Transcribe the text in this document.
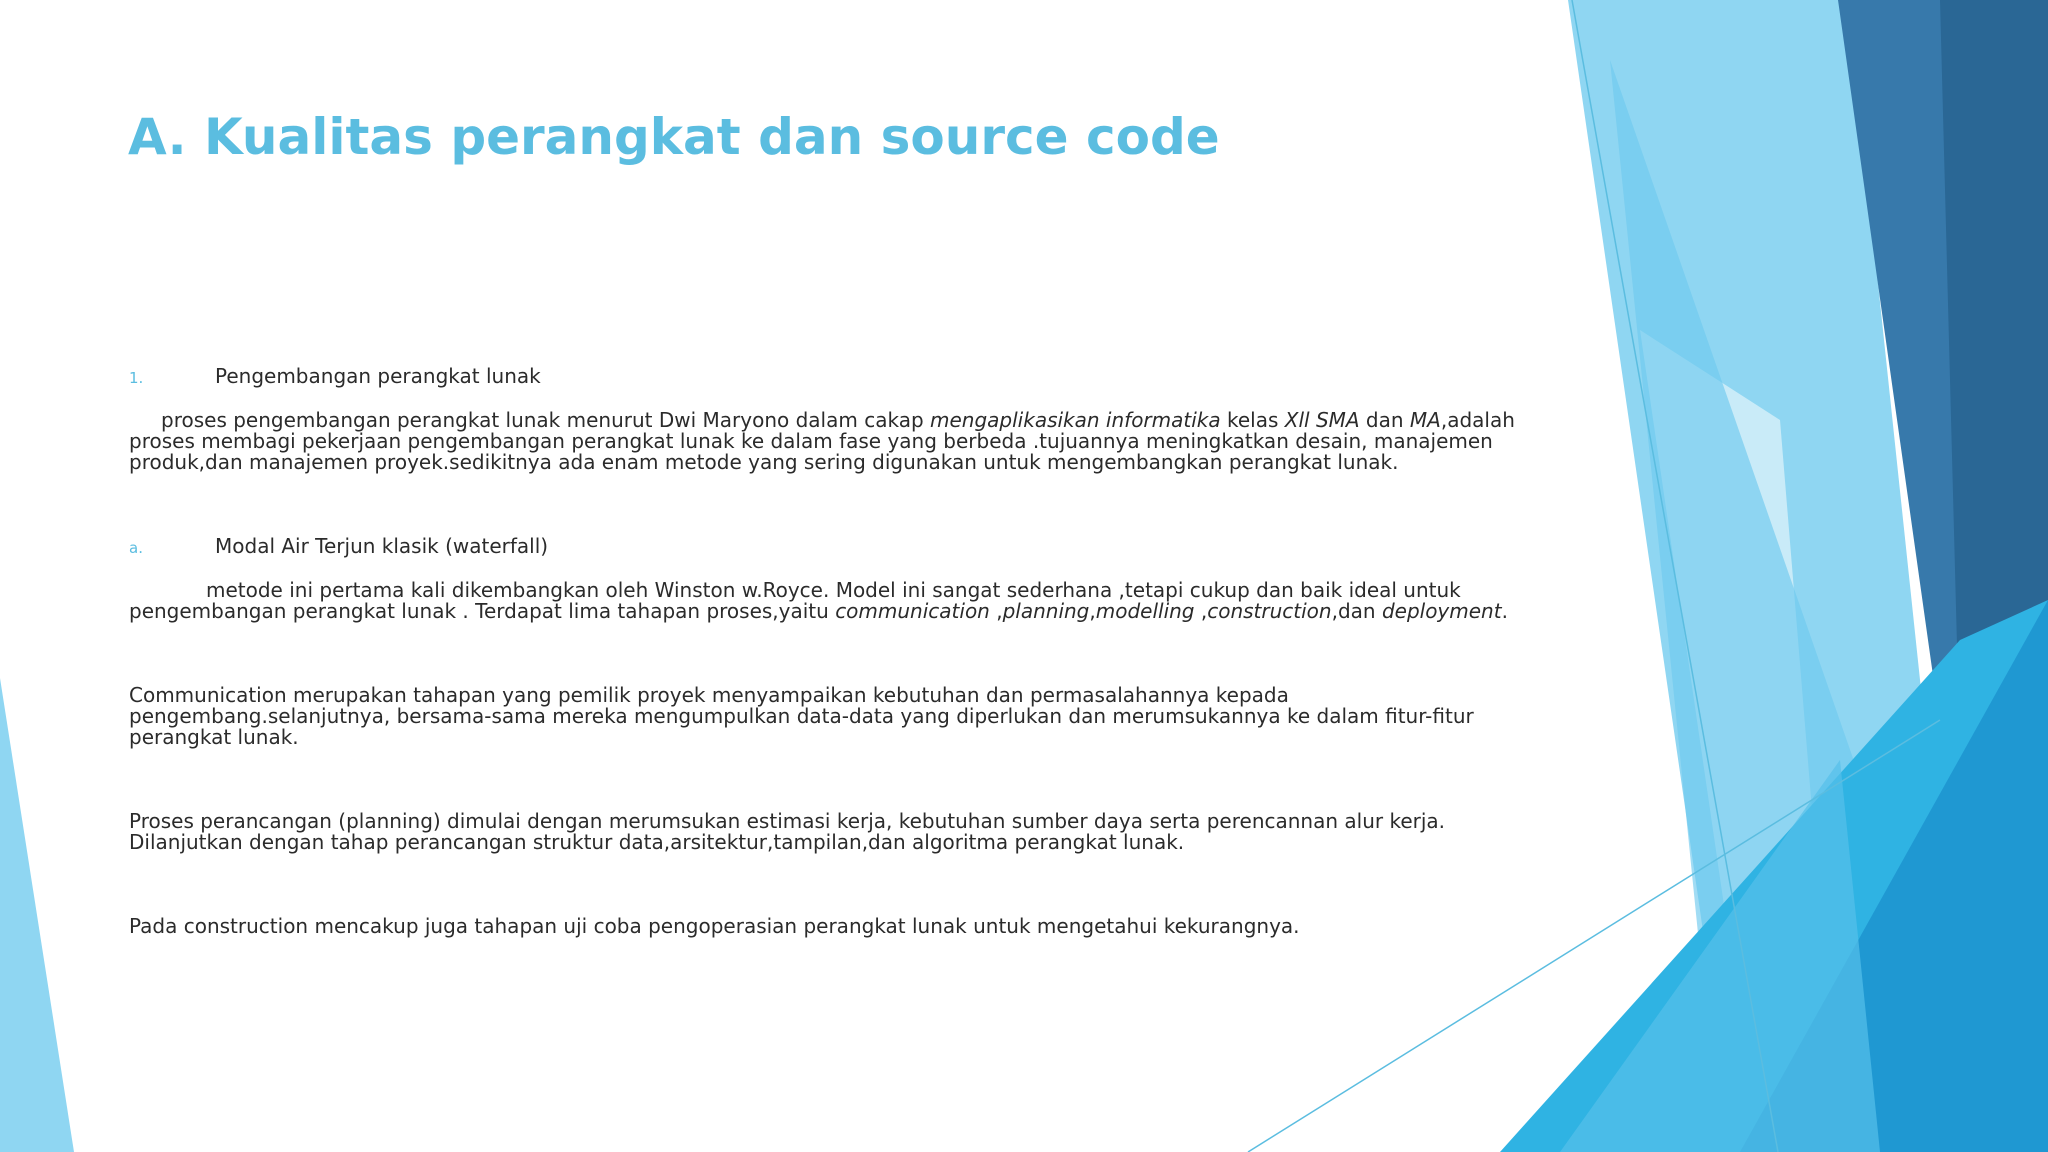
A. Kualitas perangkat dan source code
1.	Pengembangan perangkat lunak

proses pengembangan perangkat lunak menurut Dwi Maryono dalam cakap mengaplikasikan informatika kelas Xll SMA dan MA,adalah proses membagi pekerjaan pengembangan perangkat lunak ke dalam fase yang berbeda .tujuannya meningkatkan desain, manajemen produk,dan manajemen proyek.sedikitnya ada enam metode yang sering digunakan untuk mengembangkan perangkat lunak.

a.	Modal Air Terjun klasik (waterfall)

metode ini pertama kali dikembangkan oleh Winston w.Royce. Model ini sangat sederhana ,tetapi cukup dan baik ideal untuk pengembangan perangkat lunak . Terdapat lima tahapan proses,yaitu communication ,planning,modelling ,construction,dan deployment.

Communication merupakan tahapan yang pemilik proyek menyampaikan kebutuhan dan permasalahannya kepada pengembang.selanjutnya, bersama-sama mereka mengumpulkan data-data yang diperlukan dan merumsukannya ke dalam fitur-fitur perangkat lunak.

Proses perancangan (planning) dimulai dengan merumsukan estimasi kerja, kebutuhan sumber daya serta perencannan alur kerja. Dilanjutkan dengan tahap perancangan struktur data,arsitektur,tampilan,dan algoritma perangkat lunak.

Pada construction mencakup juga tahapan uji coba pengoperasian perangkat lunak untuk mengetahui kekurangnya.
